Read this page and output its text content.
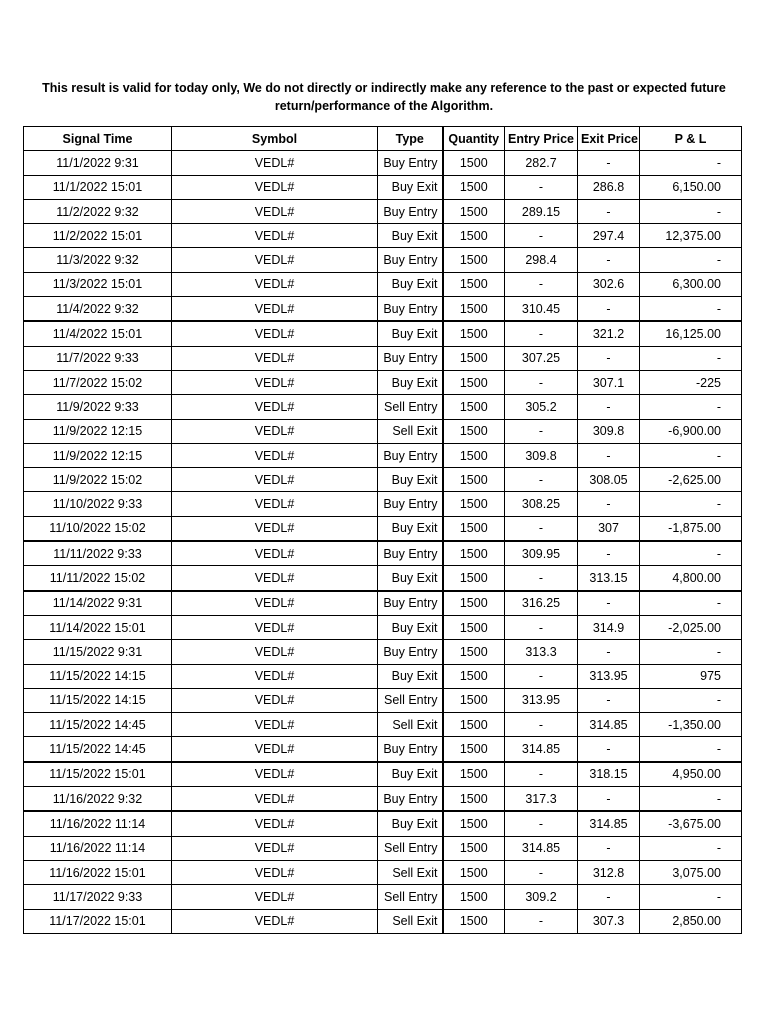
This result is valid for today only, We do not directly or indirectly make any reference to the past or expected future return/performance of the Algorithm.
Signal Time	Symbol	Type	Quantity	Entry Price	Exit Price	P & L
11/1/2022 9:31	VEDL#	Buy Entry	1500	282.7	-	-
11/1/2022 15:01	VEDL#	Buy Exit	1500	-	286.8	6,150.00
11/2/2022 9:32	VEDL#	Buy Entry	1500	289.15	-	-
11/2/2022 15:01	VEDL#	Buy Exit	1500	-	297.4	12,375.00
11/3/2022 9:32	VEDL#	Buy Entry	1500	298.4	-	-
11/3/2022 15:01	VEDL#	Buy Exit	1500	-	302.6	6,300.00
11/4/2022 9:32	VEDL#	Buy Entry	1500	310.45	-	-
11/4/2022 15:01	VEDL#	Buy Exit	1500	-	321.2	16,125.00
11/7/2022 9:33	VEDL#	Buy Entry	1500	307.25	-	-
11/7/2022 15:02	VEDL#	Buy Exit	1500	-	307.1	-225
11/9/2022 9:33	VEDL#	Sell Entry	1500	305.2	-	-
11/9/2022 12:15	VEDL#	Sell Exit	1500	-	309.8	-6,900.00
11/9/2022 12:15	VEDL#	Buy Entry	1500	309.8	-	-
11/9/2022 15:02	VEDL#	Buy Exit	1500	-	308.05	-2,625.00
11/10/2022 9:33	VEDL#	Buy Entry	1500	308.25	-	-
11/10/2022 15:02	VEDL#	Buy Exit	1500	-	307	-1,875.00
11/11/2022 9:33	VEDL#	Buy Entry	1500	309.95	-	-
11/11/2022 15:02	VEDL#	Buy Exit	1500	-	313.15	4,800.00
11/14/2022 9:31	VEDL#	Buy Entry	1500	316.25	-	-
11/14/2022 15:01	VEDL#	Buy Exit	1500	-	314.9	-2,025.00
11/15/2022 9:31	VEDL#	Buy Entry	1500	313.3	-	-
11/15/2022 14:15	VEDL#	Buy Exit	1500	-	313.95	975
11/15/2022 14:15	VEDL#	Sell Entry	1500	313.95	-	-
11/15/2022 14:45	VEDL#	Sell Exit	1500	-	314.85	-1,350.00
11/15/2022 14:45	VEDL#	Buy Entry	1500	314.85	-	-
11/15/2022 15:01	VEDL#	Buy Exit	1500	-	318.15	4,950.00
11/16/2022 9:32	VEDL#	Buy Entry	1500	317.3	-	-
11/16/2022 11:14	VEDL#	Buy Exit	1500	-	314.85	-3,675.00
11/16/2022 11:14	VEDL#	Sell Entry	1500	314.85	-	-
11/16/2022 15:01	VEDL#	Sell Exit	1500	-	312.8	3,075.00
11/17/2022 9:33	VEDL#	Sell Entry	1500	309.2	-	-
11/17/2022 15:01	VEDL#	Sell Exit	1500	-	307.3	2,850.00
